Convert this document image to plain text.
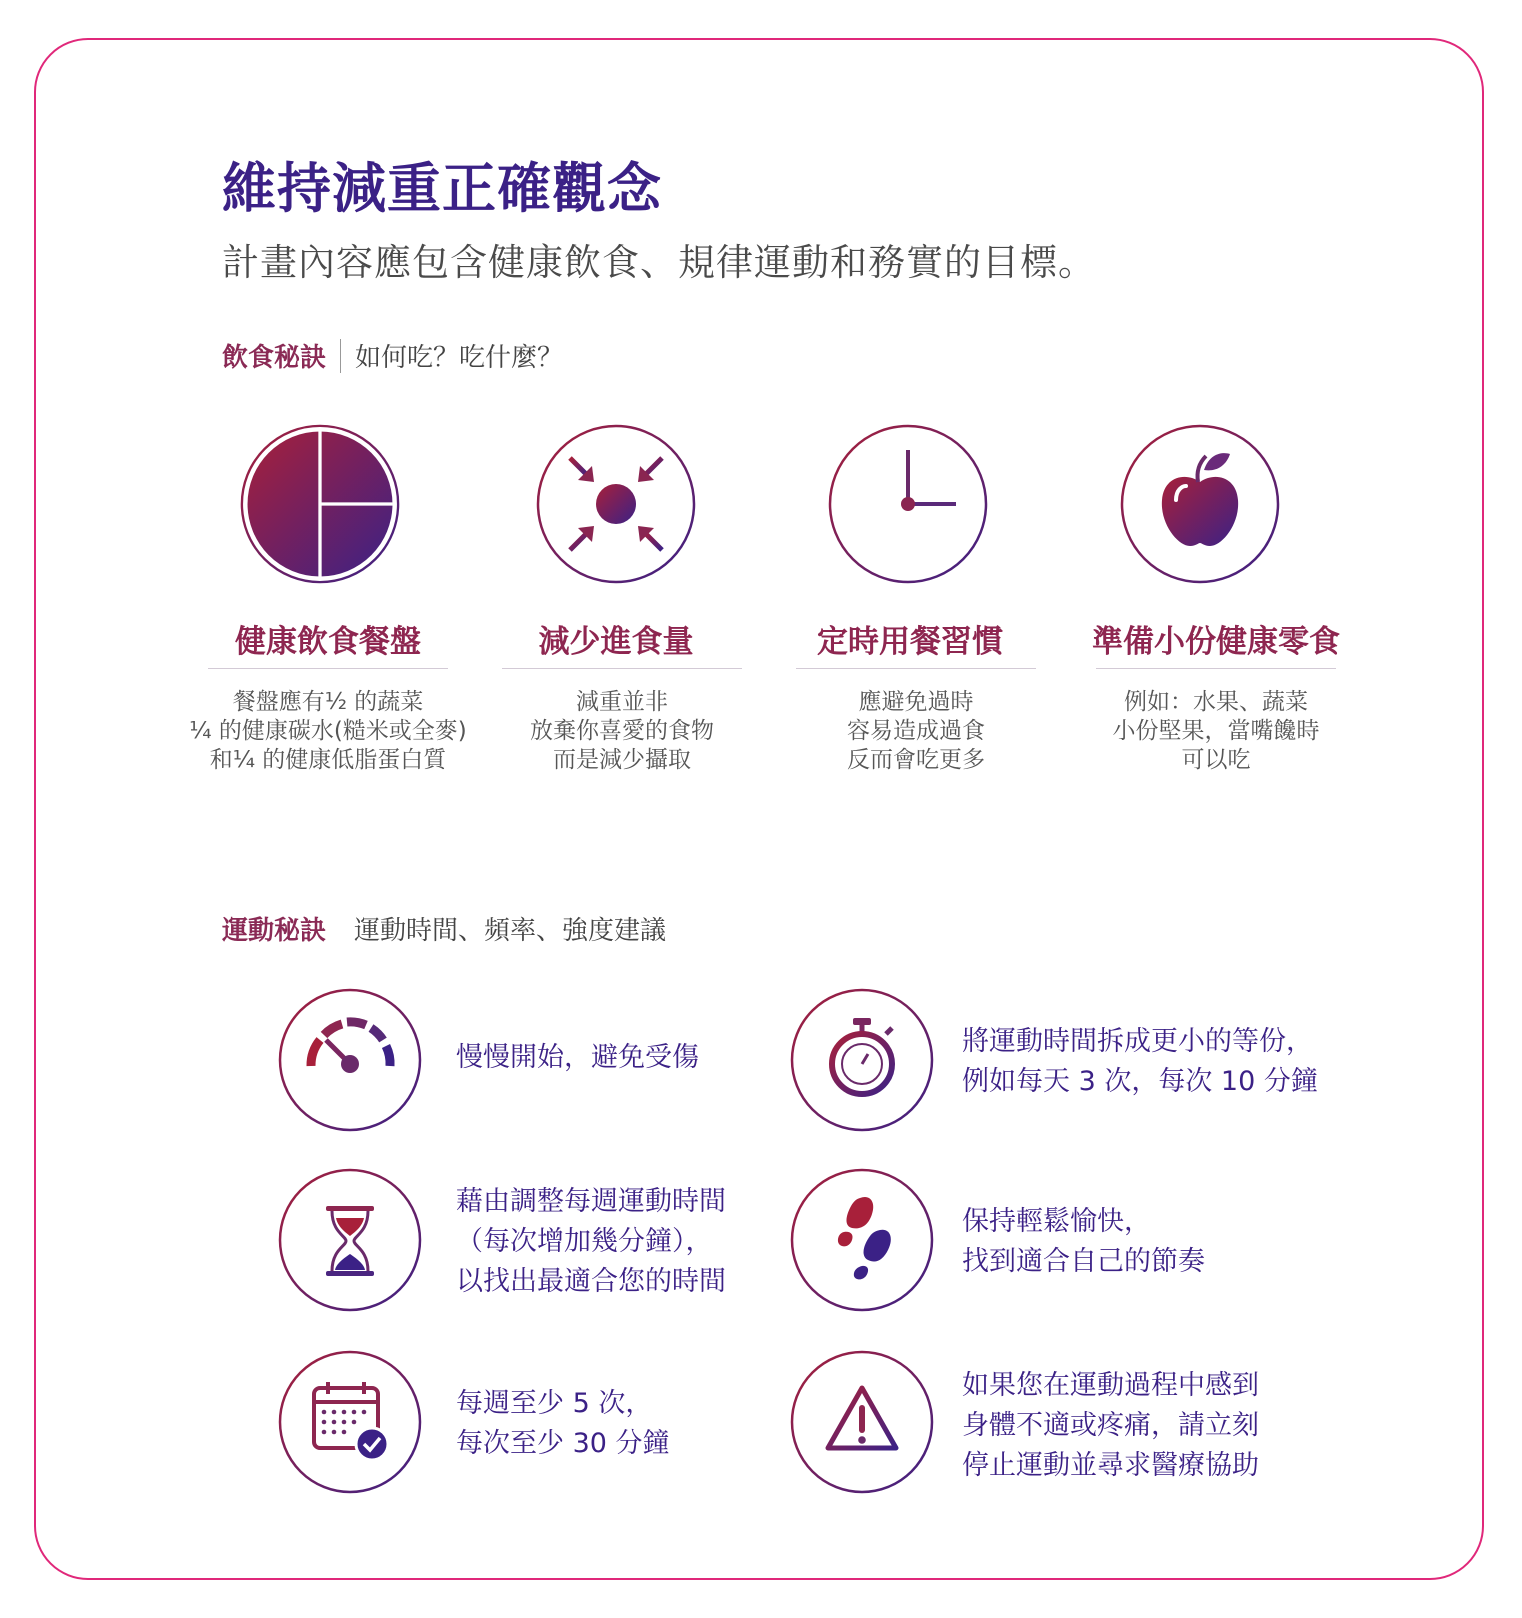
維持減重正確觀念
計畫內容應包含健康飲食、規律運動和務實的目標。
飲食秘訣 如何吃？吃什麼？
健康飲食餐盤	減少進食量	定時用餐習慣	準備小份健康零食
餐盤應有½ 的蔬菜
¼ 的健康碳水(糙米或全麥)
和¼ 的健康低脂蛋白質
減重並非
放棄你喜愛的食物
而是減少攝取
應避免過時
容易造成過食
反而會吃更多
例如：水果、蔬菜
小份堅果，當嘴饞時
可以吃
運動秘訣 運動時間、頻率、強度建議
慢慢開始，避免受傷
將運動時間拆成更小的等份，
例如每天 3 次，每次 10 分鐘
藉由調整每週運動時間
（每次增加幾分鐘），
以找出最適合您的時間
保持輕鬆愉快，
找到適合自己的節奏
每週至少 5 次，
每次至少 30 分鐘
如果您在運動過程中感到
身體不適或疼痛，請立刻
停止運動並尋求醫療協助
